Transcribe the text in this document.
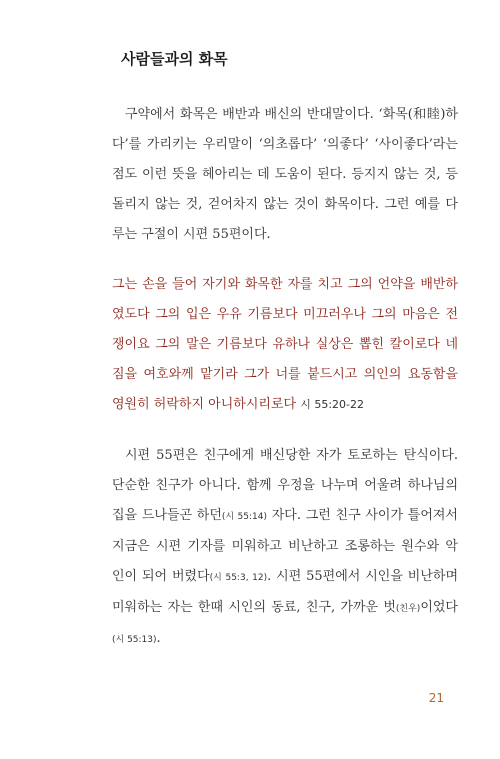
사람들과의 화목
구약에서 화목은 배반과 배신의 반대말이다. ‘화목(和睦)하
다’를 가리키는 우리말이 ‘의초롭다’ ‘의좋다’ ‘사이좋다’라는
점도 이런 뜻을 헤아리는 데 도움이 된다. 등지지 않는 것, 등
돌리지 않는 것, 걷어차지 않는 것이 화목이다. 그런 예를 다
루는 구절이 시편 55편이다.
그는 손을 들어 자기와 화목한 자를 치고 그의 언약을 배반하
였도다 그의 입은 우유 기름보다 미끄러우나 그의 마음은 전
쟁이요 그의 말은 기름보다 유하나 실상은 뽑힌 칼이로다 네
짐을 여호와께 맡기라 그가 너를 붙드시고 의인의 요동함을
영원히 허락하지 아니하시리로다 시 55:20-22
시편 55편은 친구에게 배신당한 자가 토로하는 탄식이다.
단순한 친구가 아니다. 함께 우정을 나누며 어울려 하나님의
집을 드나들곤 하던(시 55:14) 자다. 그런 친구 사이가 틀어져서
지금은 시편 기자를 미워하고 비난하고 조롱하는 원수와 악
인이 되어 버렸다(시 55:3, 12). 시편 55편에서 시인을 비난하며
미워하는 자는 한때 시인의 동료, 친구, 가까운 벗(친우)이었다
(시 55:13).
21
